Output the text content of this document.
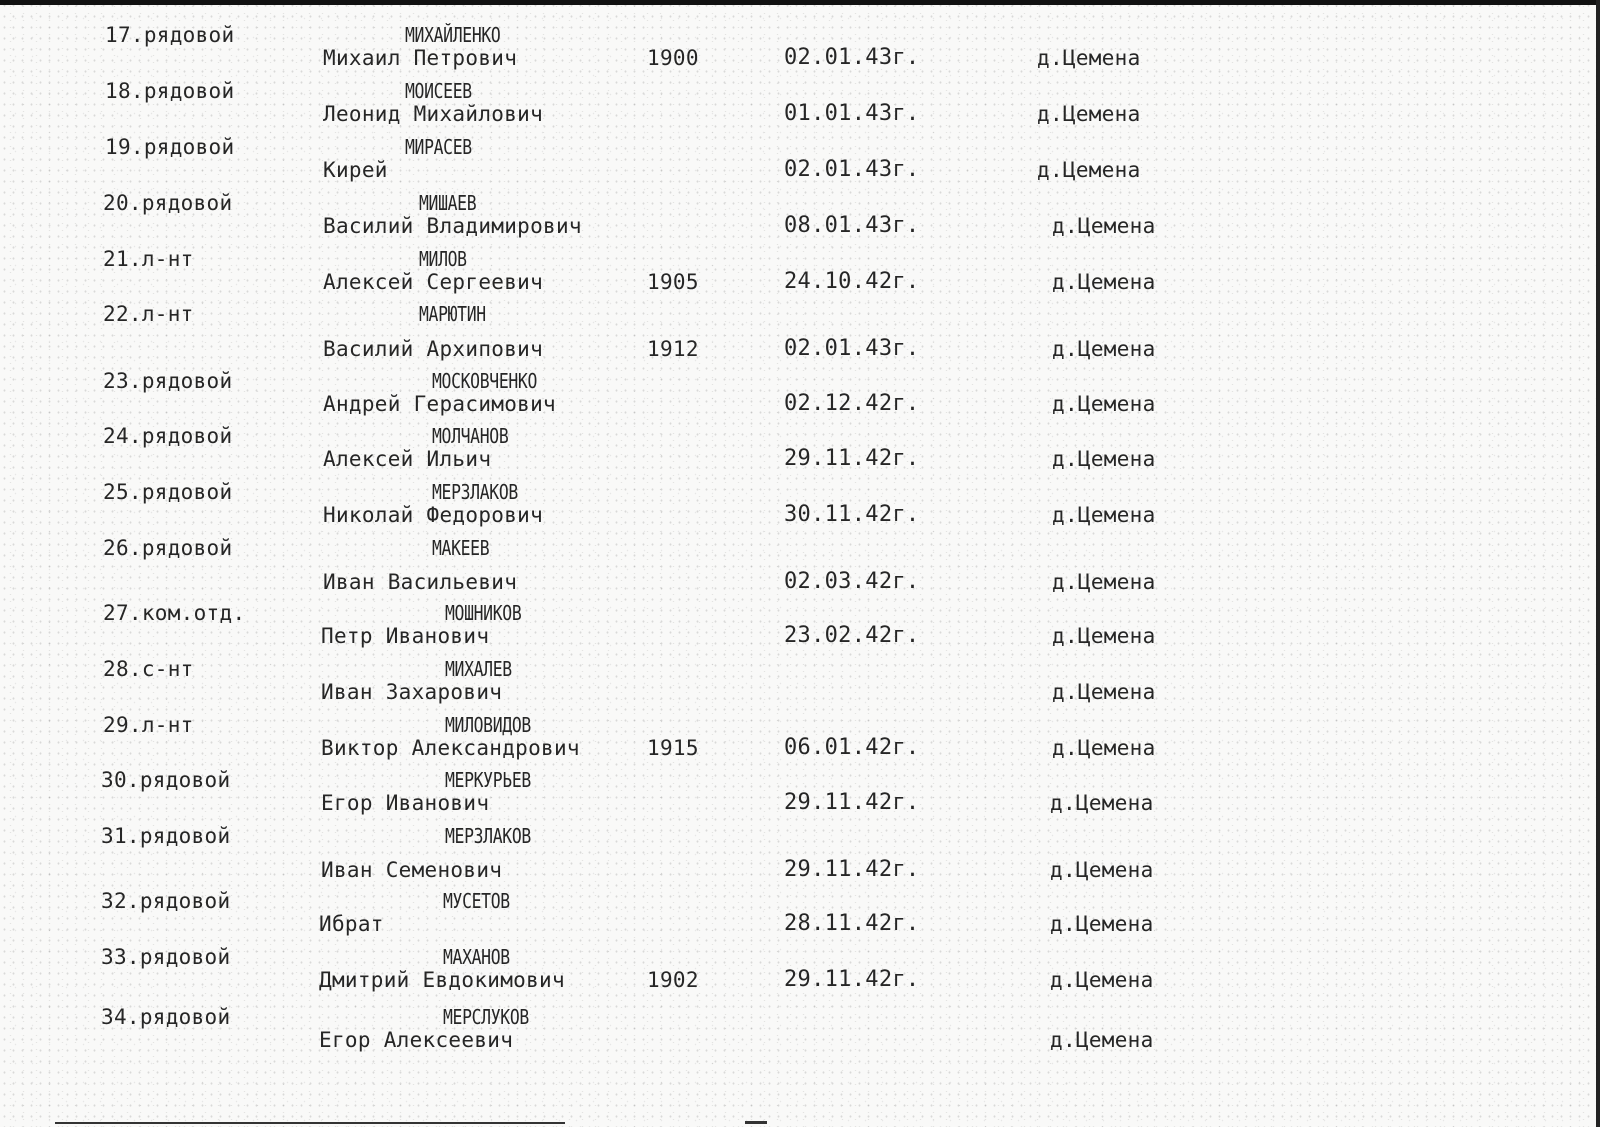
17.рядовой	МИХАЙЛЕНКО
Михаил Петрович	1900	02.01.43г.	д.Цемена
18.рядовой	МОИСЕЕВ
Леонид Михайлович	01.01.43г.	д.Цемена
19.рядовой	МИРАСЕВ
Кирей	02.01.43г.	д.Цемена
20.рядовой	МИШАЕВ
Василий Владимирович	08.01.43г.	д.Цемена
21.л-нт	МИЛОВ
Алексей Сергеевич	1905	24.10.42г.	д.Цемена
22.л-нт	МАРЮТИН
Василий Архипович	1912	02.01.43г.	д.Цемена
23.рядовой	МОСКОВЧЕНКО
Андрей Герасимович	02.12.42г.	д.Цемена
24.рядовой	МОЛЧАНОВ
Алексей Ильич	29.11.42г.	д.Цемена
25.рядовой	МЕРЗЛАКОВ
Николай Федорович	30.11.42г.	д.Цемена
26.рядовой	МАКЕЕВ
Иван Васильевич	02.03.42г.	д.Цемена
27.ком.отд.	МОШНИКОВ
Петр Иванович	23.02.42г.	д.Цемена
28.с-нт	МИХАЛЕВ
Иван Захарович	д.Цемена
29.л-нт	МИЛОВИДОВ
Виктор Александрович	1915	06.01.42г.	д.Цемена
30.рядовой	МЕРКУРЬЕВ
Егор Иванович	29.11.42г.	д.Цемена
31.рядовой	МЕРЗЛАКОВ
Иван Семенович	29.11.42г.	д.Цемена
32.рядовой	МУСЕТОВ
Ибрат	28.11.42г.	д.Цемена
33.рядовой	МАХАНОВ
Дмитрий Евдокимович	1902	29.11.42г.	д.Цемена
34.рядовой	МЕРСЛУКОВ
Егор Алексеевич	д.Цемена
